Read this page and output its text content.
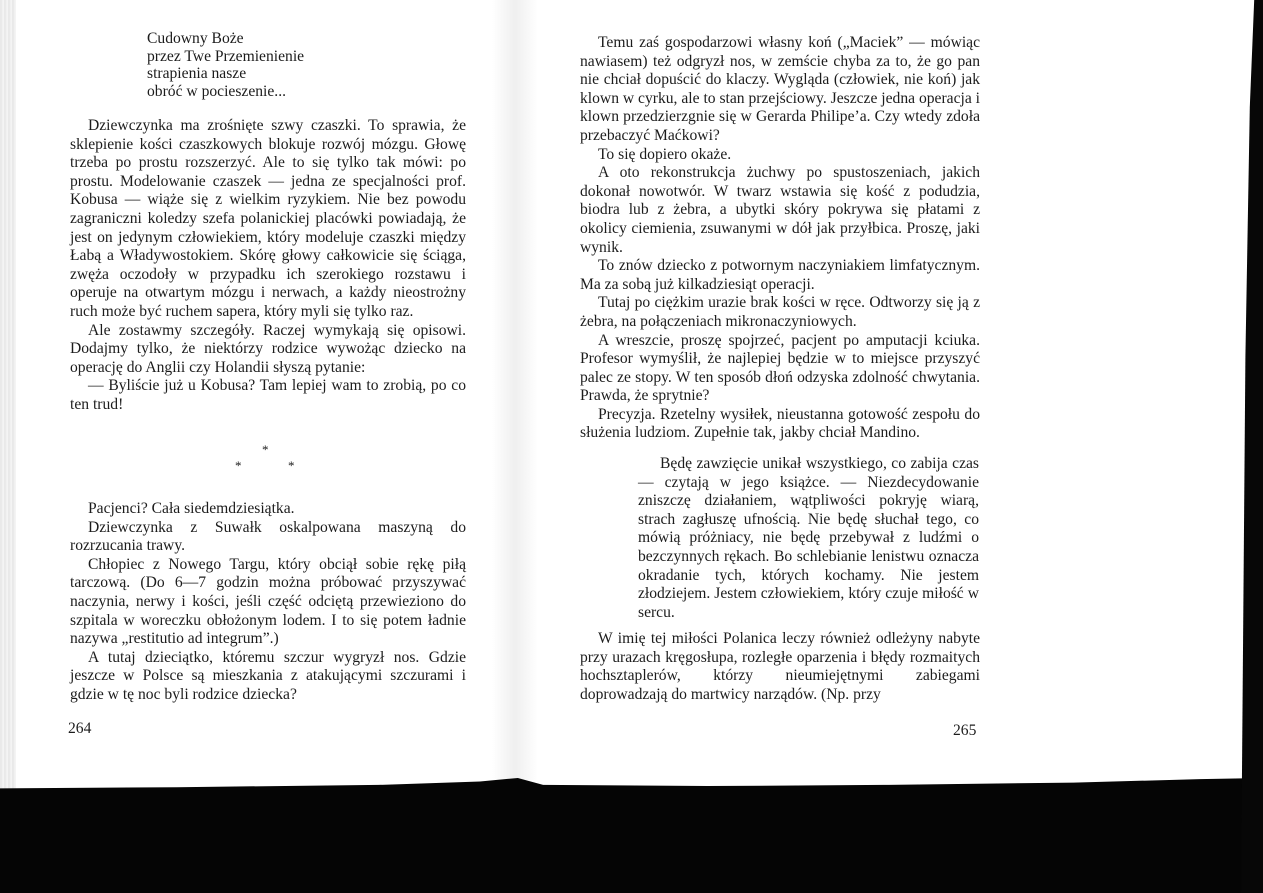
Cudowny Boże
przez Twe Przemienienie
strapienia nasze
obróć w pocieszenie...

Dziewczynka ma zrośnięte szwy czaszki. To sprawia, że sklepienie kości czaszkowych blokuje rozwój mózgu. Głowę trzeba po prostu rozszerzyć. Ale to się tylko tak mówi: po prostu. Modelowanie czaszek — jedna ze specjalności prof. Kobusa — wiąże się z wielkim ryzykiem. Nie bez powodu zagraniczni koledzy szefa polanickiej placówki powiadają, że jest on jedynym człowiekiem, który modeluje czaszki między Łabą a Władywostokiem. Skórę głowy całkowicie się ściąga, zwęża oczodoły w przypadku ich szerokiego rozstawu i operuje na otwartym mózgu i nerwach, a każdy nieostrożny ruch może być ruchem sapera, który myli się tylko raz.

Ale zostawmy szczegóły. Raczej wymykają się opisowi. Dodajmy tylko, że niektórzy rodzice wywożąc dziecko na operację do Anglii czy Holandii słyszą pytanie:

— Byliście już u Kobusa? Tam lepiej wam to zrobią, po co ten trud!

*
*	*

Pacjenci? Cała siedemdziesiątka.

Dziewczynka z Suwałk oskalpowana maszyną do rozrzucania trawy.

Chłopiec z Nowego Targu, który obciął sobie rękę piłą tarczową. (Do 6—7 godzin można próbować przyszywać naczynia, nerwy i kości, jeśli część odciętą przewieziono do szpitala w woreczku obłożonym lodem. I to się potem ładnie nazywa „restitutio ad integrum”.)

A tutaj dzieciątko, któremu szczur wygryzł nos. Gdzie jeszcze w Polsce są mieszkania z atakującymi szczurami i gdzie w tę noc byli rodzice dziecka?

264

Temu zaś gospodarzowi własny koń („Maciek” — mówiąc nawiasem) też odgryzł nos, w zemście chyba za to, że go pan nie chciał dopuścić do klaczy. Wygląda (człowiek, nie koń) jak klown w cyrku, ale to stan przejściowy. Jeszcze jedna operacja i klown przedzierzgnie się w Gerarda Philipe’a. Czy wtedy zdoła przebaczyć Maćkowi?

To się dopiero okaże.

A oto rekonstrukcja żuchwy po spustoszeniach, jakich dokonał nowotwór. W twarz wstawia się kość z podudzia, biodra lub z żebra, a ubytki skóry pokrywa się płatami z okolicy ciemienia, zsuwanymi w dół jak przyłbica. Proszę, jaki wynik.

To znów dziecko z potwornym naczyniakiem limfatycznym. Ma za sobą już kilkadziesiąt operacji.

Tutaj po ciężkim urazie brak kości w ręce. Odtworzy się ją z żebra, na połączeniach mikronaczyniowych.

A wreszcie, proszę spojrzeć, pacjent po amputacji kciuka. Profesor wymyślił, że najlepiej będzie w to miejsce przyszyć palec ze stopy. W ten sposób dłoń odzyska zdolność chwytania. Prawda, że sprytnie?

Precyzja. Rzetelny wysiłek, nieustanna gotowość zespołu do służenia ludziom. Zupełnie tak, jakby chciał Mandino.

Będę zawzięcie unikał wszystkiego, co zabija czas — czytają w jego książce. — Niezdecydowanie zniszczę działaniem, wątpliwości pokryję wiarą, strach zagłuszę ufnością. Nie będę słuchał tego, co mówią próżniacy, nie będę przebywał z ludźmi o bezczynnych rękach. Bo schlebianie lenistwu oznacza okradanie tych, których kochamy. Nie jestem złodziejem. Jestem człowiekiem, który czuje miłość w sercu.

W imię tej miłości Polanica leczy również odleżyny nabyte przy urazach kręgosłupa, rozległe oparzenia i błędy rozmaitych hochsztaplerów, którzy nieumiejętnymi zabiegami doprowadzają do martwicy narządów. (Np. przy

265
